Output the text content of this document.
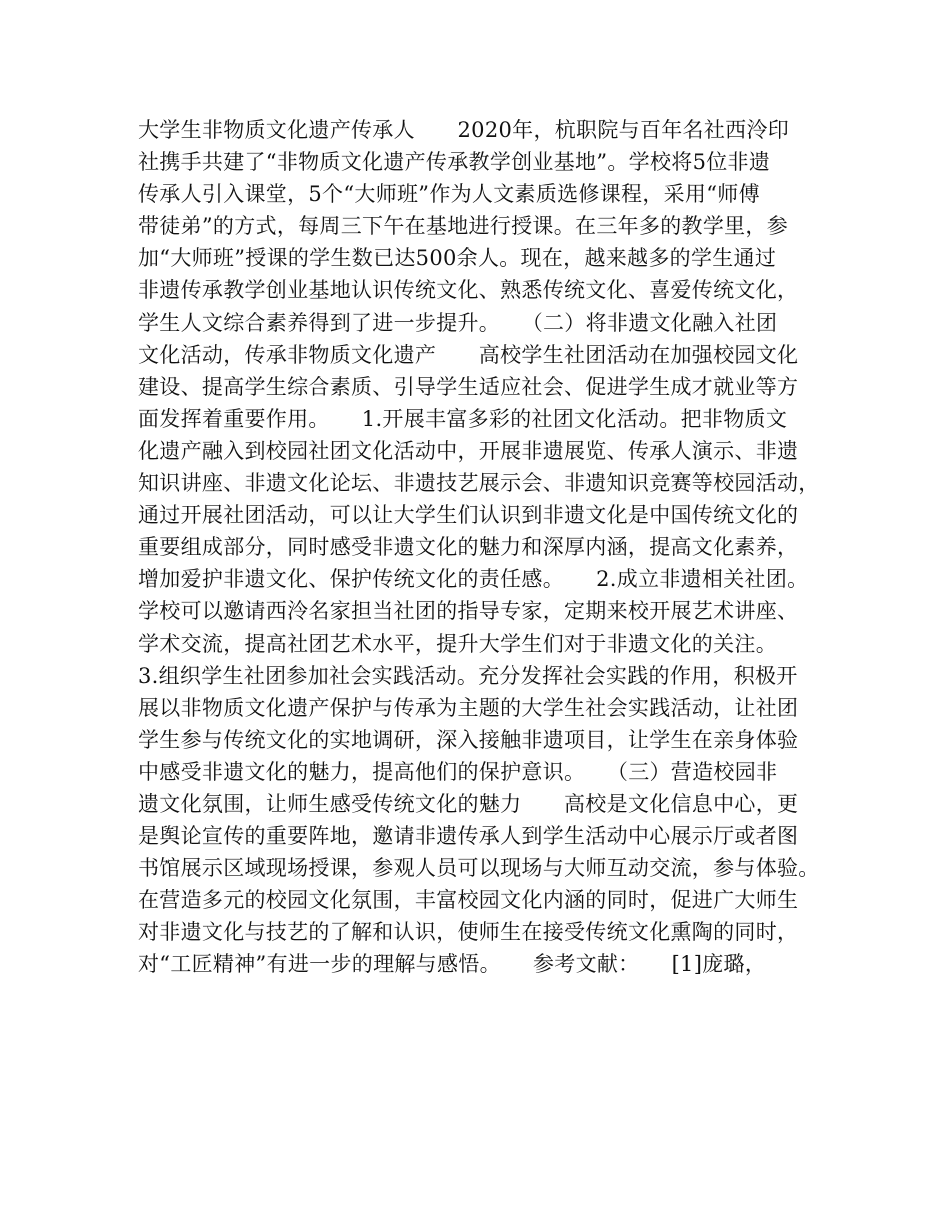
大学生非物质文化遗产传承人　　2020年，杭职院与百年名社西泠印
社携手共建了“非物质文化遗产传承教学创业基地”。学校将5位非遗
传承人引入课堂，5个“大师班”作为人文素质选修课程，采用“师傅
带徒弟”的方式，每周三下午在基地进行授课。在三年多的教学里，参
加“大师班”授课的学生数已达500余人。现在，越来越多的学生通过
非遗传承教学创业基地认识传统文化、熟悉传统文化、喜爱传统文化，
学生人文综合素养得到了进一步提升。　　（二）将非遗文化融入社团
文化活动，传承非物质文化遗产　　高校学生社团活动在加强校园文化
建设、提高学生综合素质、引导学生适应社会、促进学生成才就业等方
面发挥着重要作用。　　1.开展丰富多彩的社团文化活动。把非物质文
化遗产融入到校园社团文化活动中，开展非遗展览、传承人演示、非遗
知识讲座、非遗文化论坛、非遗技艺展示会、非遗知识竞赛等校园活动，
通过开展社团活动，可以让大学生们认识到非遗文化是中国传统文化的
重要组成部分，同时感受非遗文化的魅力和深厚内涵，提高文化素养，
增加爱护非遗文化、保护传统文化的责任感。　　2.成立非遗相关社团。
学校可以邀请西泠名家担当社团的指导专家，定期来校开展艺术讲座、
学术交流，提高社团艺术水平，提升大学生们对于非遗文化的关注。
3.组织学生社团参加社会实践活动。充分发挥社会实践的作用，积极开
展以非物质文化遗产保护与传承为主题的大学生社会实践活动，让社团
学生参与传统文化的实地调研，深入接触非遗项目，让学生在亲身体验
中感受非遗文化的魅力，提高他们的保护意识。　　（三）营造校园非
遗文化氛围，让师生感受传统文化的魅力　　高校是文化信息中心，更
是舆论宣传的重要阵地，邀请非遗传承人到学生活动中心展示厅或者图
书馆展示区域现场授课，参观人员可以现场与大师互动交流，参与体验。
在营造多元的校园文化氛围，丰富校园文化内涵的同时，促进广大师生
对非遗文化与技艺的了解和认识，使师生在接受传统文化熏陶的同时，
对“工匠精神”有进一步的理解与感悟。　　参考文献：　　[1]庞璐，
